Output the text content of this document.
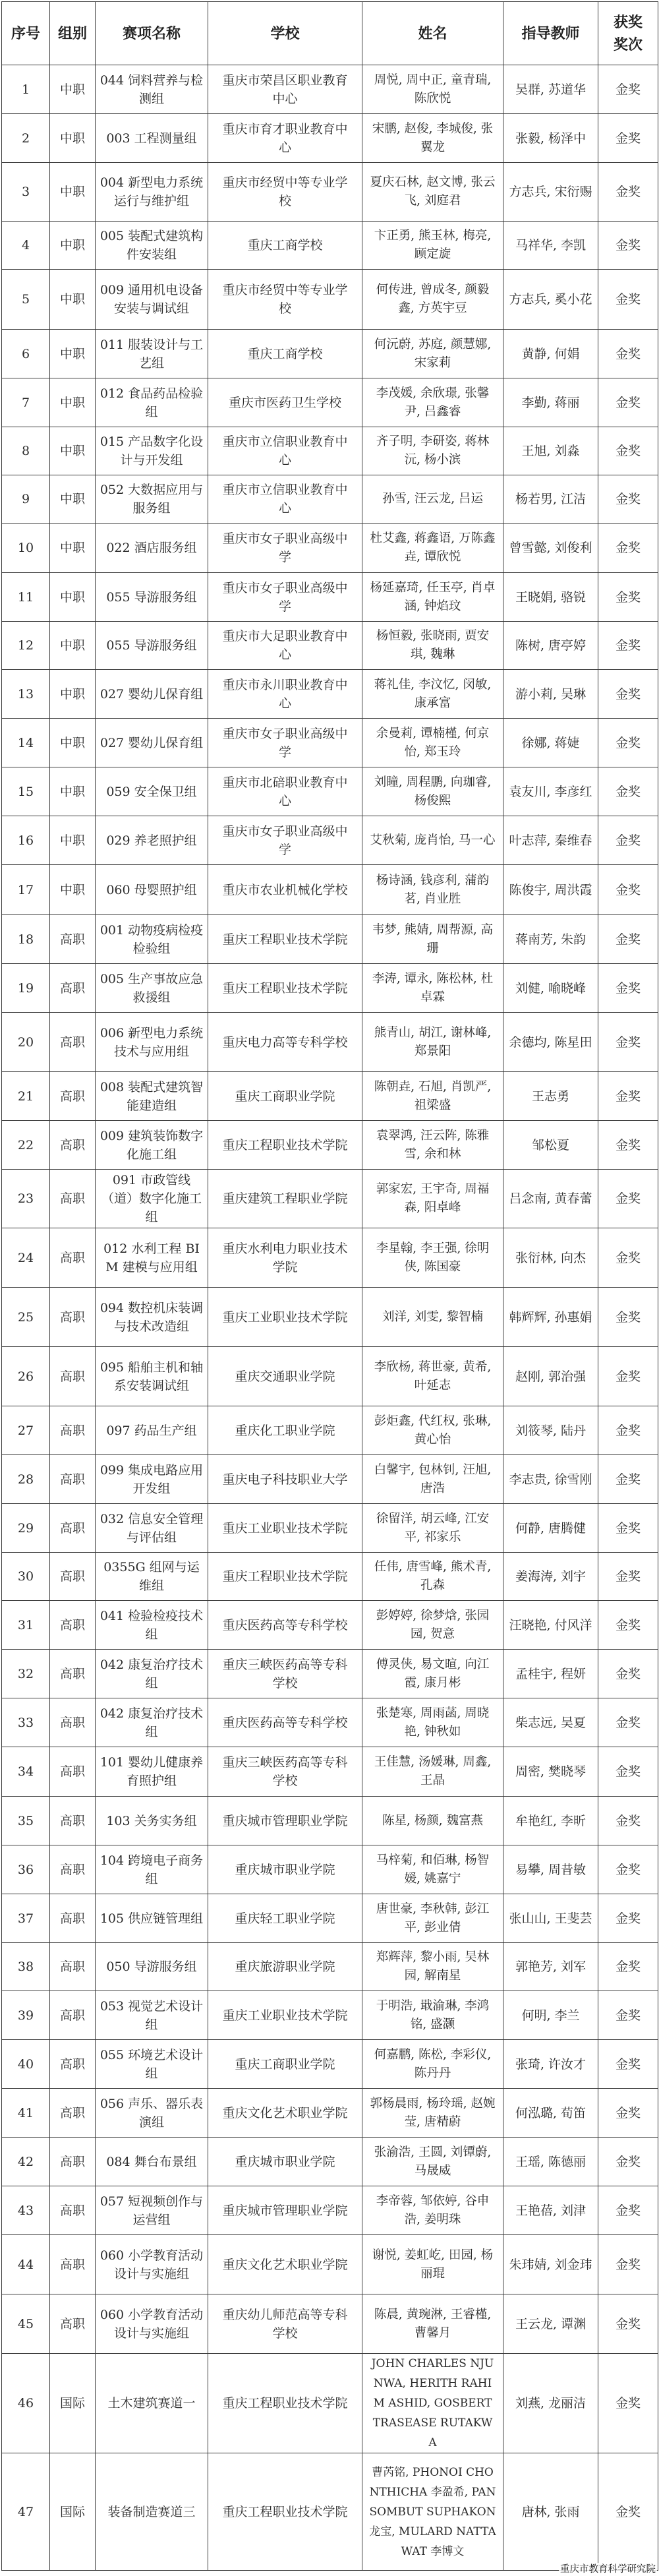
序号	组别	赛项名称	学校	姓名	指导教师	获奖奖次
1	中职	044 饲料营养与检测组	重庆市荣昌区职业教育中心	周悦, 周中正, 童青瑞, 陈欣悦	吴群, 苏道华	金奖
2	中职	003 工程测量组	重庆市育才职业教育中心	宋鹏, 赵俊, 李城俊, 张翼龙	张毅, 杨泽中	金奖
3	中职	004 新型电力系统运行与维护组	重庆市经贸中等专业学校	夏庆石林, 赵文博, 张云飞, 刘庭君	方志兵, 宋衍赐	金奖
4	中职	005 装配式建筑构件安装组	重庆工商学校	卞正勇, 熊玉林, 梅亮, 顾定旋	马祥华, 李凯	金奖
5	中职	009 通用机电设备安装与调试组	重庆市经贸中等专业学校	何传进, 曾成冬, 颜毅鑫, 方英宇豆	方志兵, 奚小花	金奖
6	中职	011 服装设计与工艺组	重庆工商学校	何沅蔚, 苏庭, 颜慧娜, 宋家莉	黄静, 何娟	金奖
7	中职	012 食品药品检验组	重庆市医药卫生学校	李茂媛, 余欣璟, 张馨尹, 吕鑫睿	李勤, 蒋丽	金奖
8	中职	015 产品数字化设计与开发组	重庆市立信职业教育中心	齐子明, 李研姿, 蒋林沅, 杨小滨	王旭, 刘淼	金奖
9	中职	052 大数据应用与服务组	重庆市立信职业教育中心	孙雪, 汪云龙, 吕运	杨若男, 江洁	金奖
10	中职	022 酒店服务组	重庆市女子职业高级中学	杜艾鑫, 蒋鑫语, 万陈鑫垚, 谭欣悦	曾雪懿, 刘俊利	金奖
11	中职	055 导游服务组	重庆市女子职业高级中学	杨延嘉琦, 任玉亭, 肖卓涵, 钟焰玟	王晓娟, 骆锐	金奖
12	中职	055 导游服务组	重庆市大足职业教育中心	杨恒毅, 张晓雨, 贾安琪, 魏琳	陈树, 唐亭婷	金奖
13	中职	027 婴幼儿保育组	重庆市永川职业教育中心	蒋礼佳, 李汶忆, 闵敏, 康承富	游小莉, 吴琳	金奖
14	中职	027 婴幼儿保育组	重庆市女子职业高级中学	余曼莉, 谭楠槿, 何京怡, 郑玉玲	徐娜, 蒋婕	金奖
15	中职	059 安全保卫组	重庆市北碚职业教育中心	刘瞳, 周程鹏, 向珈睿, 杨俊熙	袁友川, 李彦红	金奖
16	中职	029 养老照护组	重庆市女子职业高级中学	艾秋菊, 庞肖怡, 马一心	叶志萍, 秦维春	金奖
17	中职	060 母婴照护组	重庆市农业机械化学校	杨诗涵, 钱彦利, 蒲韵茗, 肖业胜	陈俊宇, 周洪霞	金奖
18	高职	001 动物疫病检疫检验组	重庆工程职业技术学院	韦梦, 熊婧, 周帮源, 高珊	蒋南芳, 朱韵	金奖
19	高职	005 生产事故应急救援组	重庆工程职业技术学院	李涛, 谭永, 陈松林, 杜卓霖	刘健, 喻晓峰	金奖
20	高职	006 新型电力系统技术与应用组	重庆电力高等专科学校	熊青山, 胡江, 谢林峰, 郑景阳	余德均, 陈星田	金奖
21	高职	008 装配式建筑智能建造组	重庆工商职业学院	陈朝垚, 石旭, 肖凯严, 祖梁盛	王志勇	金奖
22	高职	009 建筑装饰数字化施工组	重庆工程职业技术学院	袁翠鸿, 汪云阵, 陈雅雪, 余和林	邹松夏	金奖
23	高职	091 市政管线（道）数字化施工组	重庆建筑工程职业学院	郭家宏, 王宇奇, 周福森, 阳卓峰	吕念南, 黄春蕾	金奖
24	高职	012 水利工程 BIM 建模与应用组	重庆水利电力职业技术学院	李星翰, 李王强, 徐明侠, 陈国豪	张衍林, 向杰	金奖
25	高职	094 数控机床装调与技术改造组	重庆工业职业技术学院	刘洋, 刘雯, 黎智楠	韩辉辉, 孙惠娟	金奖
26	高职	095 船舶主机和轴系安装调试组	重庆交通职业学院	李欣杨, 蒋世豪, 黄希, 叶延志	赵刚, 郭治强	金奖
27	高职	097 药品生产组	重庆化工职业学院	彭炬鑫, 代红权, 张琳, 黄心怡	刘筱琴, 陆丹	金奖
28	高职	099 集成电路应用开发组	重庆电子科技职业大学	白馨宇, 包林钊, 汪旭, 唐浩	李志贵, 徐雪刚	金奖
29	高职	032 信息安全管理与评估组	重庆工业职业技术学院	徐留洋, 胡云峰, 江安平, 祁家乐	何静, 唐腾健	金奖
30	高职	0355G 组网与运维组	重庆工程职业技术学院	任伟, 唐雪峰, 熊术青, 孔森	姜海涛, 刘宇	金奖
31	高职	041 检验检疫技术组	重庆医药高等专科学校	彭婷婷, 徐梦焓, 张园园, 贺意	汪晓艳, 付风洋	金奖
32	高职	042 康复治疗技术组	重庆三峡医药高等专科学校	傅灵侠, 易文暄, 向江霞, 康月彬	孟桂宇, 程妍	金奖
33	高职	042 康复治疗技术组	重庆医药高等专科学校	张楚寒, 周雨菡, 周晓艳, 钟秋如	柴志远, 吴夏	金奖
34	高职	101 婴幼儿健康养育照护组	重庆三峡医药高等专科学校	王佳慧, 汤媛琳, 周鑫, 王晶	周密, 樊晓琴	金奖
35	高职	103 关务实务组	重庆城市管理职业学院	陈星, 杨颜, 魏富燕	牟艳红, 李昕	金奖
36	高职	104 跨境电子商务组	重庆城市职业学院	马梓菊, 和佰琳, 杨智媛, 姚嘉宁	易攀, 周昔敏	金奖
37	高职	105 供应链管理组	重庆轻工职业学院	唐世豪, 李秋韩, 彭江平, 彭业倩	张山山, 王斐芸	金奖
38	高职	050 导游服务组	重庆旅游职业学院	郑辉萍, 黎小雨, 吴林园, 解南星	郭艳芳, 刘军	金奖
39	高职	053 视觉艺术设计组	重庆工业职业技术学院	于明浩, 戢渝琳, 李鸿铭, 盛灏	何明, 李兰	金奖
40	高职	055 环境艺术设计组	重庆工商职业学院	何嘉鹏, 陈松, 李彩仪, 陈丹丹	张琦, 许汝才	金奖
41	高职	056 声乐、器乐表演组	重庆文化艺术职业学院	郭杨晨雨, 杨玲瑶, 赵婉莹, 唐精蔚	何泓璐, 荀笛	金奖
42	高职	084 舞台布景组	重庆城市职业学院	张渝浩, 王圆, 刘镡蔚, 马晟威	王瑶, 陈德丽	金奖
43	高职	057 短视频创作与运营组	重庆城市管理职业学院	李帝蓉, 邹依婷, 谷申浩, 姜明珠	王艳蓓, 刘津	金奖
44	高职	060 小学教育活动设计与实施组	重庆文化艺术职业学院	谢悦, 姜虹屹, 田园, 杨丽琨	朱玮婧, 刘金玮	金奖
45	高职	060 小学教育活动设计与实施组	重庆幼儿师范高等专科学校	陈晨, 黄琬淋, 王睿槿, 曹馨月	王云龙, 谭渊	金奖
46	国际	土木建筑赛道一	重庆工程职业技术学院	JOHN CHARLES NJUNWA, HERITH RAHIM ASHID, GOSBERT TRASEASE RUTAKWA	刘燕, 龙丽洁	金奖
47	国际	装备制造赛道三	重庆工程职业技术学院	曹芮铭, PHONOI CHONTHICHA 李盈希, PANSOMBUT SUPHAKON 龙宝, MULARD NATTAWAT 李博文	唐林, 张雨	金奖
重庆市教育科学研究院
